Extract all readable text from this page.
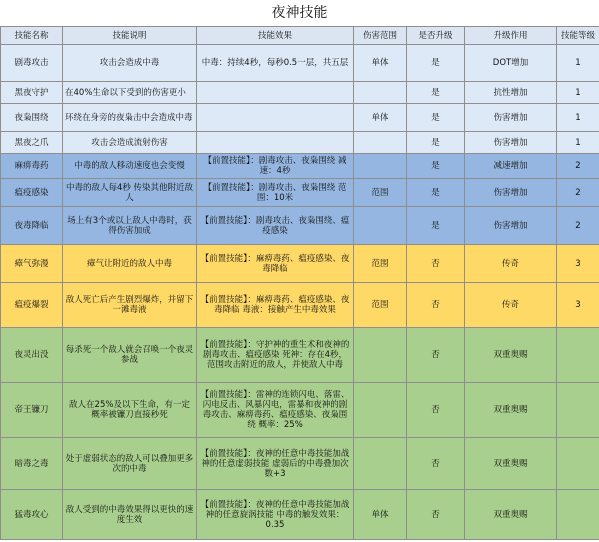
夜神技能
技能名称	技能说明	技能效果	伤害范围	是否升级	升级作用	技能等级
剧毒攻击	攻击会造成中毒	中毒：持续4秒，每秒0.5一层，共五层	单体	是	DOT增加	1
黑夜守护	在40%生命以下受到的伤害更小			是	抗性增加	1
夜枭围绕	环绕在身旁的夜枭击中会造成中毒		单体	是	伤害增加	1
黑夜之爪	攻击会造成流射伤害			是	伤害增加	1
麻痹毒药	中毒的敌人移动速度也会变慢	【前置技能】：剧毒攻击、夜枭围绕 减速：4秒		是	减速增加	2
瘟疫感染	中毒的敌人每4秒 传染其他附近敌人	【前置技能】：剧毒攻击、夜枭围绕 范围：10米	范围	是	伤害增加	2
夜毒降临	场上有3个或以上敌人中毒时，获得伤害加成	【前置技能】：剧毒攻击、夜枭围绕、瘟疫感染		是	伤害增加	2
瘴气弥漫	瘴气让附近的敌人中毒	【前置技能】：麻痹毒药、瘟疫感染、夜毒降临	范围	否	传奇	3
瘟疫爆裂	敌人死亡后产生剧烈爆炸，并留下一滩毒液	【前置技能】：麻痹毒药、瘟疫感染、夜毒降临 毒液：接触产生中毒效果	范围	否	传奇	3
夜灵出没	每杀死一个敌人就会召唤一个夜灵参战	【前置技能】：守护神的重生术和夜神的剧毒攻击、瘟疫感染 死神：存在4秒，范围攻击附近的敌人，并使敌人中毒		否	双重奥赐	
帝王镰刀	敌人在25%及以下生命，有一定概率被镰刀直接秒死	【前置技能】：雷神的连锁闪电、落雷、闪电反击、风暴闪电，雷暴和夜神的剧毒攻击、麻痹毒药、瘟疫感染、夜枭围绕 概率：25%		否	双重奥赐	
暗毒之毒	处于虚弱状态的敌人可以叠加更多次的中毒	【前置技能】：夜神的任意中毒技能加战神的任意虚弱技能 虚弱后的中毒叠加次数+3		否	双重奥赐	
猛毒攻心	敌人受到的中毒效果得以更快的速度生效	【前置技能】：夜神的任意中毒技能加战神的任意旋涡技能 中毒的触发效果：0.35	单体	否	双重奥赐	
